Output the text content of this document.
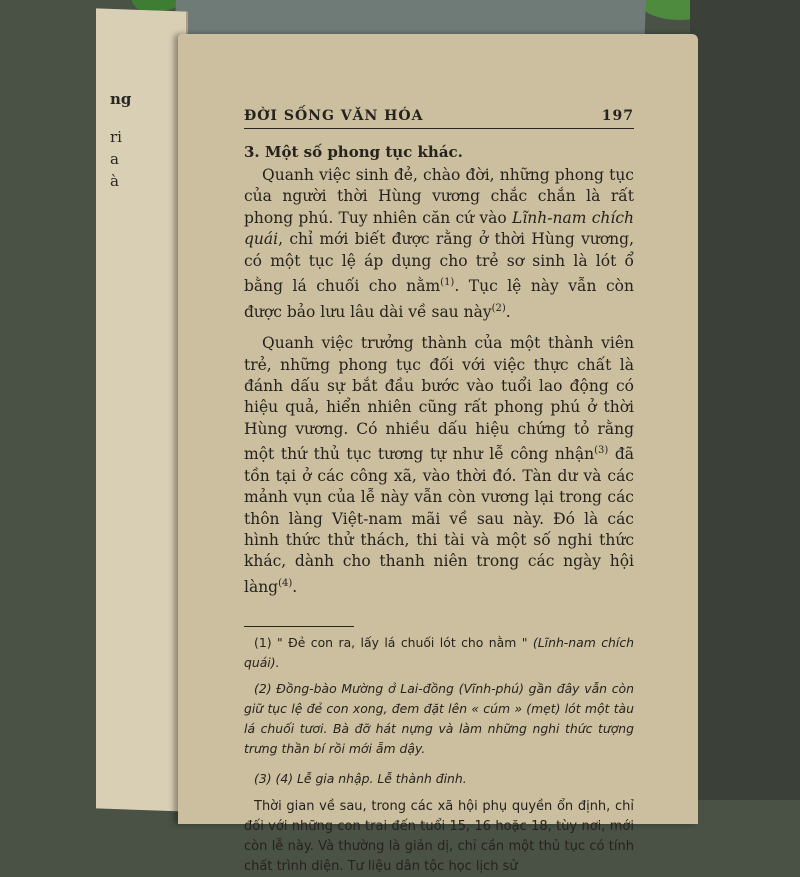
ng
ri
a
à
ĐỜI SỐNG VĂN HÓA	197
3. Một số phong tục khác.

Quanh việc sinh đẻ, chào đời, những phong tục của người thời Hùng vương chắc chắn là rất phong phú. Tuy nhiên căn cứ vào Lĩnh-nam chích quái, chỉ mới biết được rằng ở thời Hùng vương, có một tục lệ áp dụng cho trẻ sơ sinh là lót ổ bằng lá chuối cho nằm$^{(1)}$. Tục lệ này vẫn còn được bảo lưu lâu dài về sau này$^{(2)}$.

Quanh việc trưởng thành của một thành viên trẻ, những phong tục đối với việc thực chất là đánh dấu sự bắt đầu bước vào tuổi lao động có hiệu quả, hiển nhiên cũng rất phong phú ở thời Hùng vương. Có nhiều dấu hiệu chứng tỏ rằng một thứ thủ tục tương tự như lễ công nhận$^{(3)}$ đã tồn tại ở các công xã, vào thời đó. Tàn dư và các mảnh vụn của lễ này vẫn còn vương lại trong các thôn làng Việt-nam mãi về sau này. Đó là các hình thức thử thách, thi tài và một số nghi thức khác, dành cho thanh niên trong các ngày hội làng$^{(4)}$.

(1) " Đẻ con ra, lấy lá chuối lót cho nằm " (Lĩnh-nam chích quái).

(2) Đồng-bào Mường ở Lai-đồng (Vĩnh-phú) gần đây vẫn còn giữ tục lệ đẻ con xong, đem đặt lên « cúm » (mẹt) lót một tàu lá chuối tươi. Bà đỡ hát nựng và làm những nghi thức tượng trưng thần bí rồi mới ẵm dậy.

(3) (4) Lễ gia nhập. Lễ thành đinh.

Thời gian về sau, trong các xã hội phụ quyền ổn định, chỉ đối với những con trai đến tuổi 15, 16 hoặc 18, tùy nơi, mới còn lễ này. Và thường là giản dị, chỉ cần một thủ tục có tính chất trình diện. Tư liệu dân tộc học lịch sử
